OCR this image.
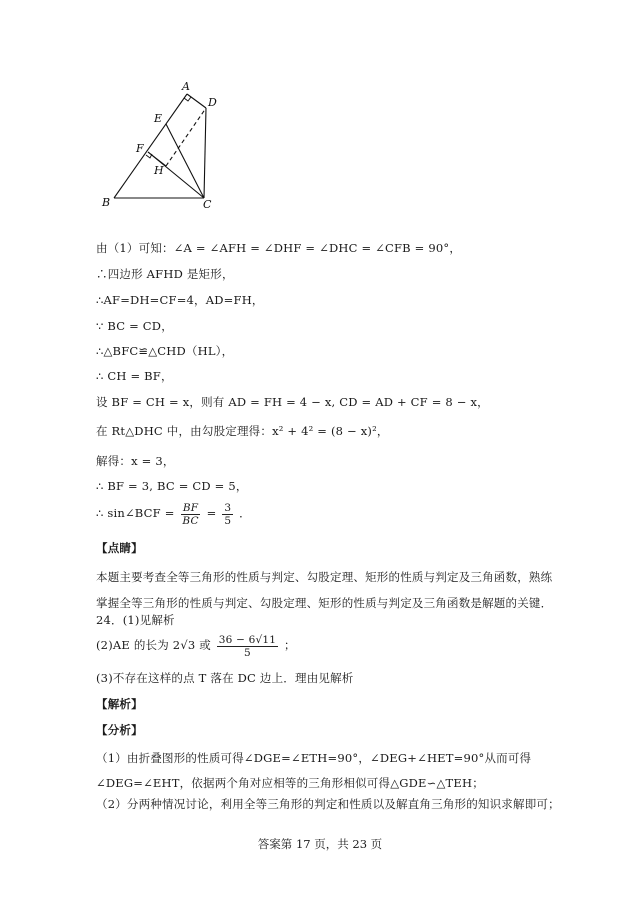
A
D
E
F
H
B	C
由（1）可知：∠A = ∠AFH = ∠DHF = ∠DHC = ∠CFB = 90°，
∴四边形 AFHD 是矩形，
∴AF=DH=CF=4，AD=FH，
∵ BC = CD，
∴△BFC≌△CHD（HL），
∴ CH = BF，
设 BF = CH = x，则有 AD = FH = 4 − x, CD = AD + CF = 8 − x，
在 Rt△DHC 中，由勾股定理得：x² + 4² = (8 − x)²，
解得：x = 3，
∴ BF = 3, BC = CD = 5，
∴ sin∠BCF = $\frac{BF}{BC} = \frac{3}{5}$ ．
【点睛】
本题主要考查全等三角形的性质与判定、勾股定理、矩形的性质与判定及三角函数，熟练掌握全等三角形的性质与判定、勾股定理、矩形的性质与判定及三角函数是解题的关键．
24．(1)见解析
(2)AE 的长为 2√3 或 $\frac{36 - 6√11}{5}$ ；
(3)不存在这样的点 T 落在 DC 边上．理由见解析
【解析】
【分析】
（1）由折叠图形的性质可得∠DGE=∠ETH=90°，∠DEG+∠HET=90°从而可得∠DEG=∠EHT，依据两个角对应相等的三角形相似可得△GDE∽△TEH；
（2）分两种情况讨论，利用全等三角形的判定和性质以及解直角三角形的知识求解即可；
答案第 17 页，共 23 页
